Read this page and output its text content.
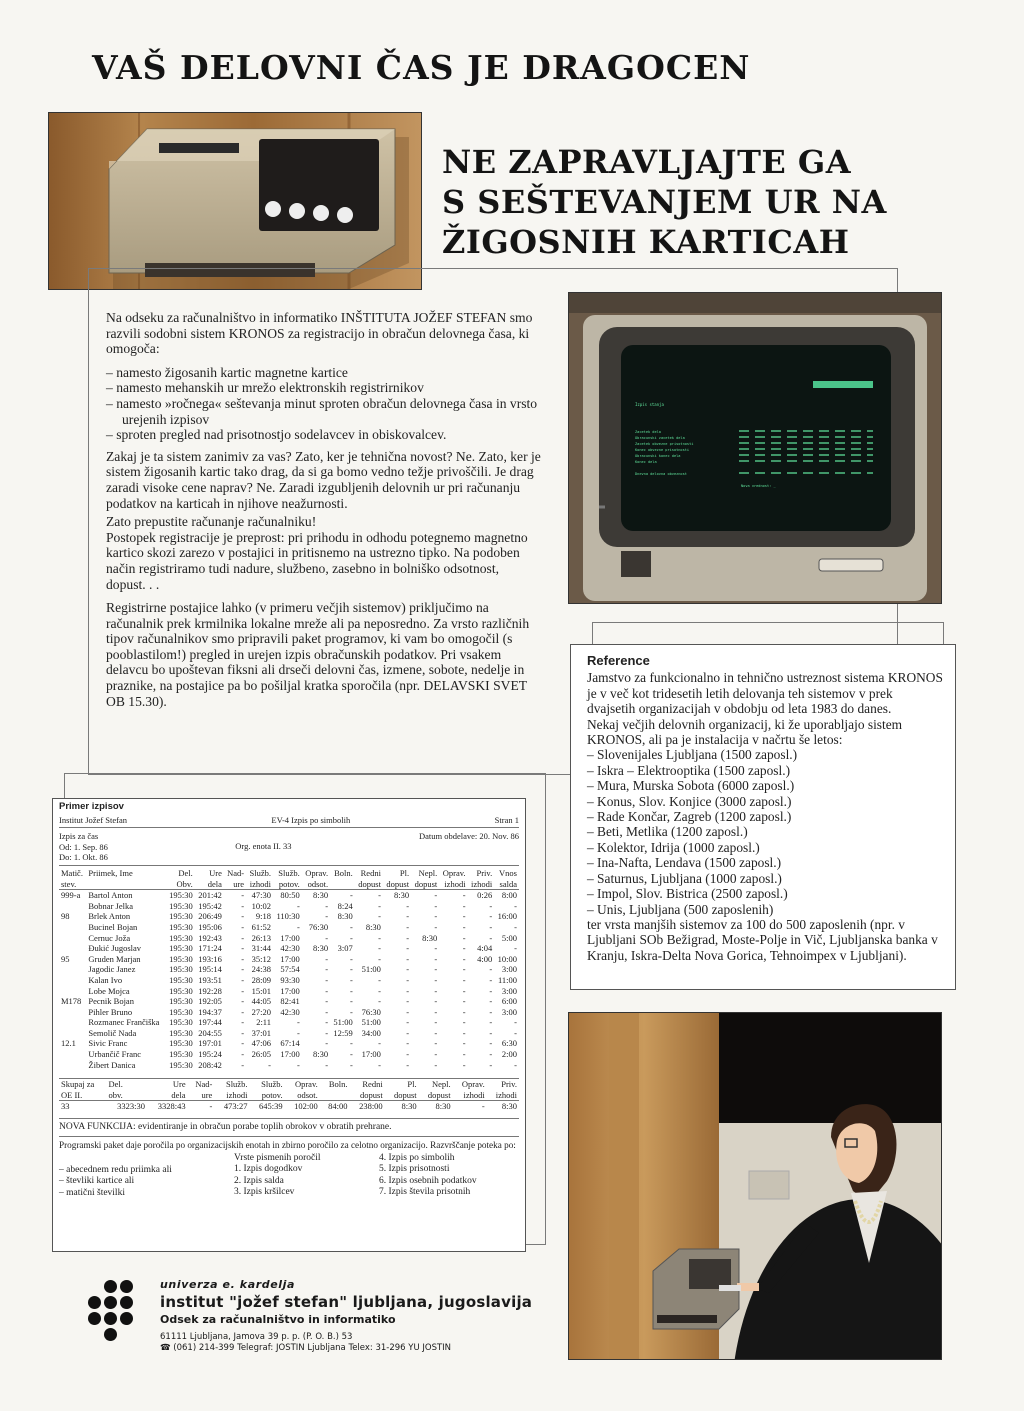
VAŠ DELOVNI ČAS JE DRAGOCEN
NE ZAPRAVLJAJTE GA
S SEŠTEVANJEM UR NA
ŽIGOSNIH KARTICAH

Na odseku za računalništvo in informatiko INŠTITUTA JOŽEF STEFAN smo razvili sodobni sistem KRONOS za registracijo in obračun delovnega časa, ki omogoča:

– namesto žigosanih kartic magnetne kartice
– namesto mehanskih ur mrežo elektronskih registrirnikov
– namesto »ročnega« seštevanja minut sproten obračun delovnega časa in vrsto urejenih izpisov
– sproten pregled nad prisotnostjo sodelavcev in obiskovalcev.

Zakaj je ta sistem zanimiv za vas? Zato, ker je tehnična novost? Ne. Zato, ker je sistem žigosanih kartic tako drag, da si ga bomo vedno težje privoščili. Je drag zaradi visoke cene naprav? Ne. Zaradi izgubljenih delovnih ur pri računanju podatkov na karticah in njihove neažurnosti.

Zato prepustite računanje računalniku!

Postopek registracije je preprost: pri prihodu in odhodu potegnemo magnetno kartico skozi zarezo v postajici in pritisnemo na ustrezno tipko. Na podoben način registriramo tudi nadure, službeno, zasebno in bolniško odsotnost, dopust. . .

Registrirne postajice lahko (v primeru večjih sistemov) priključimo na računalnik prek krmilnika lokalne mreže ali pa neposredno. Za vrsto različnih tipov računalnikov smo pripravili paket programov, ki vam bo omogočil (s pooblastilom!) pregled in urejen izpis obračunskih podatkov. Pri vsakem delavcu bo upoštevan fiksni ali drseči delovni čas, izmene, sobote, nedelje in praznike, na postajice pa bo pošiljal kratka sporočila (npr. DELAVSKI SVET OB 15.30).

Izpis stanja
Zacetek dela
Obracunski zacetek dela
Zacetek obvezne prisotnosti
Konec obvezne prisotnosti
Obracunski konec dela
Konec dela
Dnevna delovna obveznost
Nova vrednost: _
Reference

Jamstvo za funkcionalno in tehnično ustreznost sistema KRONOS je v več kot tridesetih letih delovanja teh sistemov v prek dvajsetih organizacijah v obdobju od leta 1983 do danes.

Nekaj večjih delovnih organizacij, ki že uporabljajo sistem KRONOS, ali pa je instalacija v načrtu še letos:

– Slovenijales Ljubljana (1500 zaposl.)
– Iskra – Elektrooptika (1500 zaposl.)
– Mura, Murska Sobota (6000 zaposl.)
– Konus, Slov. Konjice (3000 zaposl.)
– Rade Končar, Zagreb (1200 zaposl.)
– Beti, Metlika (1200 zaposl.)
– Kolektor, Idrija (1000 zaposl.)
– Ina-Nafta, Lendava (1500 zaposl.)
– Saturnus, Ljubljana (1000 zaposl.)
– Impol, Slov. Bistrica (2500 zaposl.)
– Unis, Ljubljana (500 zaposlenih)

ter vrsta manjših sistemov za 100 do 500 zaposlenih (npr. v Ljubljani SOb Bežigrad, Moste-Polje in Vič, Ljubljanska banka v Kranju, Iskra-Delta Nova Gorica, Tehnoimpex v Ljubljani).

Primer izpisov
Institut Jožef Stefan	EV-4 Izpis po simbolih	Stran 1
Izpis za čas
Od: 1. Sep. 86
Do: 1. Okt. 86
Org. enota II. 33
Datum obdelave: 20. Nov. 86
Matič.	Priimek, Ime	Del.	Ure	Nad-	Služb.	Služb.	Oprav.	Boln.	Redni	Pl.	Nepl.	Oprav.	Priv.	Vnos
stev.		Obv.	dela	ure	izhodi	potov.	odsot.		dopust	dopust	dopust	izhodi	izhodi	salda
999-a	Bartol Anton	195:30	201:42	-	47:30	80:50	8:30	-	-	8:30	-	-	0:26	8:00
	Bobnar Jelka	195:30	195:42	-	10:02	-	-	8:24	-	-	-	-	-	-
98	Brlek Anton	195:30	206:49	-	9:18	110:30	-	8:30	-	-	-	-	-	16:00
	Bucinel Bojan	195:30	195:06	-	61:52	-	76:30	-	8:30	-	-	-	-	-
	Cernuc Joža	195:30	192:43	-	26:13	17:00	-	-	-	-	8:30	-	-	5:00
	Đukić Jugoslav	195:30	171:24	-	31:44	42:30	8:30	3:07	-	-	-	-	4:04	-
95	Gruden Marjan	195:30	193:16	-	35:12	17:00	-	-	-	-	-	-	4:00	10:00
	Jagodic Janez	195:30	195:14	-	24:38	57:54	-	-	51:00	-	-	-	-	3:00
	Kalan Ivo	195:30	193:51	-	28:09	93:30	-	-	-	-	-	-	-	11:00
	Lobe Mojca	195:30	192:28	-	15:01	17:00	-	-	-	-	-	-	-	3:00
M178	Pecnik Bojan	195:30	192:05	-	44:05	82:41	-	-	-	-	-	-	-	6:00
	Pihler Bruno	195:30	194:37	-	27:20	42:30	-	-	76:30	-	-	-	-	3:00
	Rozmanec Frančiška	195:30	197:44	-	2:11	-	-	51:00	51:00	-	-	-	-	-
	Semolič Nada	195:30	204:55	-	37:01	-	-	12:59	34:00	-	-	-	-	-
12.1	Sivic Franc	195:30	197:01	-	47:06	67:14	-	-	-	-	-	-	-	6:30
	Urbančič Franc	195:30	195:24	-	26:05	17:00	8:30	-	17:00	-	-	-	-	2:00
	Žibert Danica	195:30	208:42	-	-	-	-	-	-	-	-	-	-	-
Skupaj za	Del.	Ure	Nad-	Služb.	Služb.	Oprav.	Boln.	Redni	Pl.	Nepl.	Oprav.	Priv.
OE II.	obv.	dela	ure	izhodi	potov.	odsot.		dopust	dopust	dopust	izhodi	izhodi
33	3323:30	3328:43	-	473:27	645:39	102:00	84:00	238:00	8:30	8:30	-	8:30
NOVA FUNKCIJA: evidentiranje in obračun porabe toplih obrokov v obratih prehrane.
Programski paket daje poročila po organizacijskih enotah in zbirno poročilo za celotno organizacijo. Razvrščanje poteka po:
– abecednem redu priimka ali
– števliki kartice ali
– matični številki
Vrste pismenih poročil
1. Izpis dogodkov
2. Izpis salda
3. Izpis kršilcev
4. Izpis po simbolih
5. Izpis prisotnosti
6. Izpis osebnih podatkov
7. Izpis števila prisotnih
univerza e. kardelja
institut "jožef stefan" ljubljana, jugoslavija
Odsek za računalništvo in informatiko
61111 Ljubljana, Jamova 39 p. p. (P. O. B.) 53
☎ (061) 214-399 Telegraf: JOSTIN Ljubljana Telex: 31-296 YU JOSTIN
